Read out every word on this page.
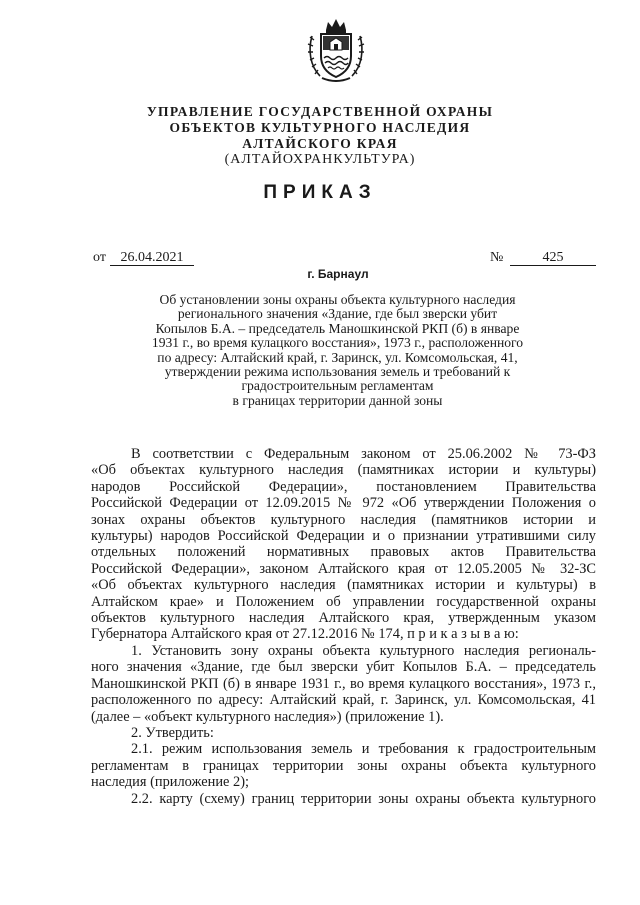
УПРАВЛЕНИЕ ГОСУДАРСТВЕННОЙ ОХРАНЫ
ОБЪЕКТОВ КУЛЬТУРНОГО НАСЛЕДИЯ
АЛТАЙСКОГО КРАЯ
(АЛТАЙОХРАНКУЛЬТУРА)
ПРИКАЗ
от	26.04.2021	№	425
г. Барнаул
Об установлении зоны охраны объекта культурного наследия
регионального значения «Здание, где был зверски убит
Копылов Б.А. – председатель Маношкинской РКП (б) в январе
1931 г., во время кулацкого восстания», 1973 г., расположенного
по адресу: Алтайский край, г. Заринск, ул. Комсомольская, 41,
утверждении режима использования земель и требований к
градостроительным регламентам
в границах территории данной зоны
В соответствии с Федеральным законом от 25.06.2002 № 73-ФЗ
«Об объектах культурного наследия (памятниках истории и культуры)
народов Российской Федерации», постановлением Правительства
Российской Федерации от 12.09.2015 № 972 «Об утверждении Положения о
зонах охраны объектов культурного наследия (памятников истории и
культуры) народов Российской Федерации и о признании утратившими силу
отдельных положений нормативных правовых актов Правительства
Российской Федерации», законом Алтайского края от 12.05.2005 № 32-ЗС
«Об объектах культурного наследия (памятниках истории и культуры) в
Алтайском крае» и Положением об управлении государственной охраны
объектов культурного наследия Алтайского края, утвержденным указом
Губернатора Алтайского края от 27.12.2016 № 174, п р и к а з ы в а ю:
1. Установить зону охраны объекта культурного наследия региональ-
ного значения «Здание, где был зверски убит Копылов Б.А. – председатель
Маношкинской РКП (б) в январе 1931 г., во время кулацкого восстания», 1973 г.,
расположенного по адресу: Алтайский край, г. Заринск, ул. Комсомольская, 41
(далее – «объект культурного наследия») (приложение 1).
2. Утвердить:
2.1. режим использования земель и требования к градостроительным
регламентам в границах территории зоны охраны объекта культурного
наследия (приложение 2);
2.2. карту (схему) границ территории зоны охраны объекта культурного
